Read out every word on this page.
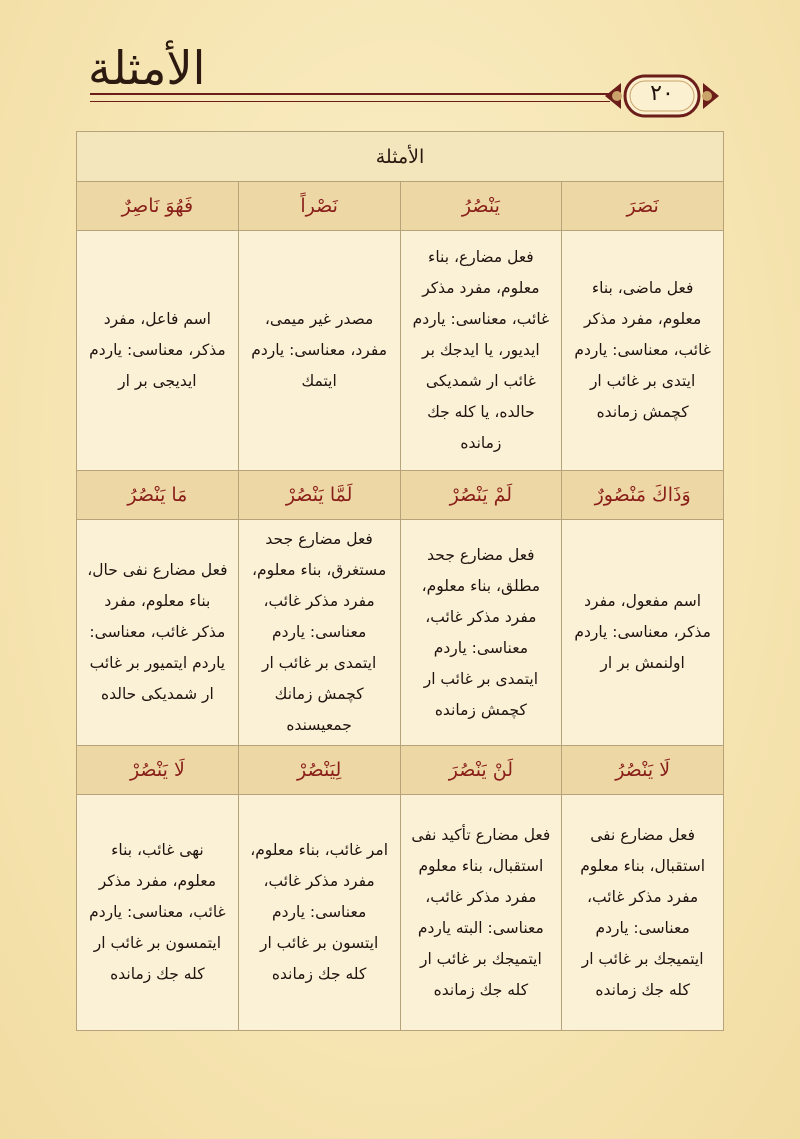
الأمثلة	٢٠
الأمثلة			
نَصَرَ	يَنْصُرُ	نَصْراً	فَهُوَ نَاصِرٌ
فعل ماضی، بناء معلوم، مفرد مذكر غائب، معناسی: یاردم ایتدی بر غائب ار كچمش زمانده	فعل مضارع، بناء معلوم، مفرد مذكر غائب، معناسی: یاردم ایدیور، یا ایدجك بر غائب ار شمدیكی حالده، یا كله جك زمانده	مصدر غیر میمی، مفرد، معناسی: یاردم ایتمك	اسم فاعل، مفرد مذكر، معناسی: یاردم ایدیجی بر ار
وَذَاكَ مَنْصُورٌ	لَمْ يَنْصُرْ	لَمَّا يَنْصُرْ	مَا يَنْصُرُ
اسم مفعول، مفرد مذكر، معناسی: یاردم اولنمش بر ار	فعل مضارع جحد مطلق، بناء معلوم، مفرد مذكر غائب، معناسی: یاردم ایتمدی بر غائب ار كچمش زمانده	فعل مضارع جحد مستغرق، بناء معلوم، مفرد مذكر غائب، معناسی: یاردم ایتمدی بر غائب ار كچمش زمانك جمعیسنده	فعل مضارع نفی حال، بناء معلوم، مفرد مذكر غائب، معناسی: یاردم ایتمیور بر غائب ار شمدیكی حالده
لَا يَنْصُرُ	لَنْ يَنْصُرَ	لِيَنْصُرْ	لَا يَنْصُرْ
فعل مضارع نفی استقبال، بناء معلوم مفرد مذكر غائب، معناسی: یاردم ایتمیجك بر غائب ار كله جك زمانده	فعل مضارع تأكید نفی استقبال، بناء معلوم مفرد مذكر غائب، معناسی: البته یاردم ایتمیجك بر غائب ار كله جك زمانده	امر غائب، بناء معلوم، مفرد مذكر غائب، معناسی: یاردم ایتسون بر غائب ار كله جك زمانده	نهی غائب، بناء معلوم، مفرد مذكر غائب، معناسی: یاردم ایتمسون بر غائب ار كله جك زمانده
